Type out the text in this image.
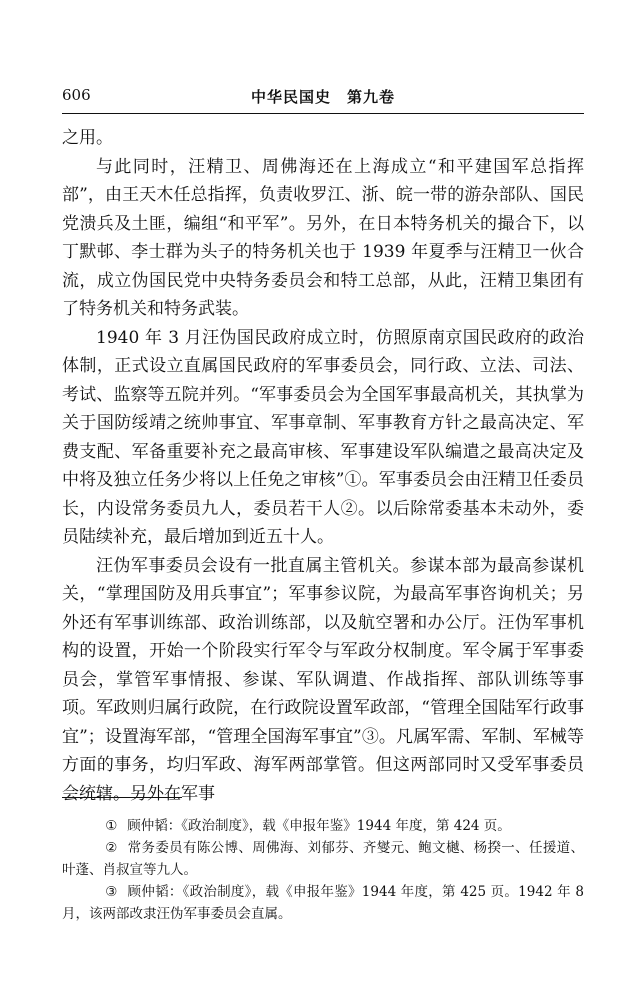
606	中华民国史　第九卷

之用。

与此同时，汪精卫、周佛海还在上海成立“和平建国军总指挥部”，由王天木任总指挥，负责收罗江、浙、皖一带的游杂部队、国民党溃兵及土匪，编组“和平军”。另外，在日本特务机关的撮合下，以丁默邨、李士群为头子的特务机关也于 1939 年夏季与汪精卫一伙合流，成立伪国民党中央特务委员会和特工总部，从此，汪精卫集团有了特务机关和特务武装。

1940 年 3 月汪伪国民政府成立时，仿照原南京国民政府的政治体制，正式设立直属国民政府的军事委员会，同行政、立法、司法、考试、监察等五院并列。“军事委员会为全国军事最高机关，其执掌为关于国防绥靖之统帅事宜、军事章制、军事教育方针之最高决定、军费支配、军备重要补充之最高审核、军事建设军队编遣之最高决定及中将及独立任务少将以上任免之审核”①。军事委员会由汪精卫任委员长，内设常务委员九人，委员若干人②。以后除常委基本未动外，委员陆续补充，最后增加到近五十人。

汪伪军事委员会设有一批直属主管机关。参谋本部为最高参谋机关，“掌理国防及用兵事宜”；军事参议院，为最高军事咨询机关；另外还有军事训练部、政治训练部，以及航空署和办公厅。汪伪军事机构的设置，开始一个阶段实行军令与军政分权制度。军令属于军事委员会，掌管军事情报、参谋、军队调遣、作战指挥、部队训练等事项。军政则归属行政院，在行政院设置军政部，“管理全国陆军行政事宜”；设置海军部，“管理全国海军事宜”③。凡属军需、军制、军械等方面的事务，均归军政、海军两部掌管。但这两部同时又受军事委员会统辖。另外在军事

① 顾仲韬：《政治制度》，载《申报年鉴》1944 年度，第 424 页。

② 常务委员有陈公博、周佛海、刘郁芬、齐燮元、鲍文樾、杨揆一、任援道、叶蓬、肖叔宣等九人。

③ 顾仲韬：《政治制度》，载《申报年鉴》1944 年度，第 425 页。1942 年 8 月，该两部改隶汪伪军事委员会直属。
